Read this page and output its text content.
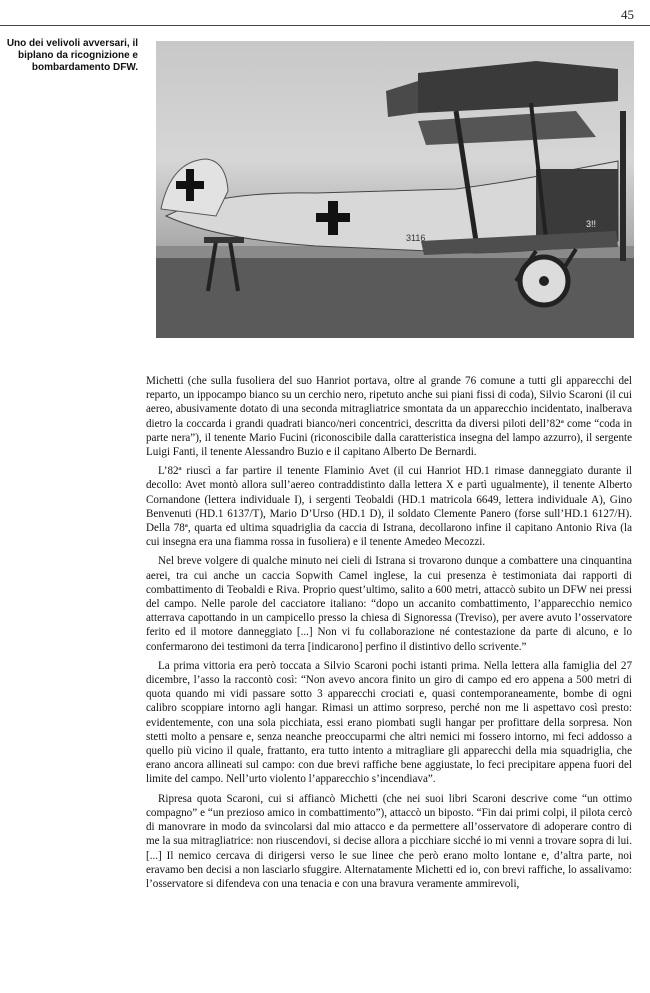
45
Uno dei velivoli avversari, il biplano da ricognizione e bombardamento DFW.
3116
3!!

Michetti (che sulla fusoliera del suo Hanriot portava, oltre al grande 76 comune a tutti gli apparecchi del reparto, un ippocampo bianco su un cerchio nero, ripetuto anche sui piani fissi di coda), Silvio Scaroni (il cui aereo, abusivamente dotato di una seconda mitragliatrice smontata da un apparecchio incidentato, inalberava dietro la coccarda i grandi quadrati bianco/neri concentrici, descritta da diversi piloti dell’82ª come “coda in parte nera”), il tenente Mario Fucini (riconoscibile dalla caratteristica insegna del lampo azzurro), il sergente Luigi Fanti, il tenente Alessandro Buzio e il capitano Alberto De Bernardi.

L’82ª riuscì a far partire il tenente Flaminio Avet (il cui Hanriot HD.1 rimase danneggiato durante il decollo: Avet montò allora sull’aereo contraddistinto dalla lettera X e partì ugualmente), il tenente Alberto Cornandone (lettera individuale I), i sergenti Teobaldi (HD.1 matricola 6649, lettera individuale A), Gino Benvenuti (HD.1 6137/T), Mario D’Urso (HD.1 D), il soldato Clemente Panero (forse sull’HD.1 6127/H). Della 78ª, quarta ed ultima squadriglia da caccia di Istrana, decollarono infine il capitano Antonio Riva (la cui insegna era una fiamma rossa in fusoliera) e il tenente Amedeo Mecozzi.

Nel breve volgere di qualche minuto nei cieli di Istrana si trovarono dunque a combattere una cinquantina aerei, tra cui anche un caccia Sopwith Camel inglese, la cui presenza è testimoniata dai rapporti di combattimento di Teobaldi e Riva. Proprio quest’ultimo, salito a 600 metri, attaccò subito un DFW nei pressi del campo. Nelle parole del cacciatore italiano: “dopo un accanito combattimento, l’apparecchio nemico atterrava capottando in un campicello presso la chiesa di Signoressa (Treviso), per avere avuto l’osservatore ferito ed il motore danneggiato [...] Non vi fu collaborazione né contestazione da parte di alcuno, e lo confermarono dei testimoni da terra [indicarono] perfino il distintivo dello scrivente.”

La prima vittoria era però toccata a Silvio Scaroni pochi istanti prima. Nella lettera alla famiglia del 27 dicembre, l’asso la raccontò così: “Non avevo ancora finito un giro di campo ed ero appena a 500 metri di quota quando mi vidi passare sotto 3 apparecchi crociati e, quasi contemporaneamente, bombe di ogni calibro scoppiare intorno agli hangar. Rimasi un attimo sorpreso, perché non me li aspettavo così presto: evidentemente, con una sola picchiata, essi erano piombati sugli hangar per profittare della sorpresa. Non stetti molto a pensare e, senza neanche preoccuparmi che altri nemici mi fossero intorno, mi feci addosso a quello più vicino il quale, frattanto, era tutto intento a mitragliare gli apparecchi della mia squadriglia, che erano ancora allineati sul campo: con due brevi raffiche bene aggiustate, lo feci precipitare appena fuori del limite del campo. Nell’urto violento l’apparecchio s’incendiava”.

Ripresa quota Scaroni, cui si affiancò Michetti (che nei suoi libri Scaroni descrive come “un ottimo compagno” e “un prezioso amico in combattimento”), attaccò un biposto. “Fin dai primi colpi, il pilota cercò di manovrare in modo da svincolarsi dal mio attacco e da permettere all’osservatore di adoperare contro di me la sua mitragliatrice: non riuscendovi, si decise allora a picchiare sicché io mi venni a trovare sopra di lui. [...] Il nemico cercava di dirigersi verso le sue linee che però erano molto lontane e, d’altra parte, noi eravamo ben decisi a non lasciarlo sfuggire. Alternatamente Michetti ed io, con brevi raffiche, lo assalivamo: l’osservatore si difendeva con una tenacia e con una bravura veramente ammirevoli,
